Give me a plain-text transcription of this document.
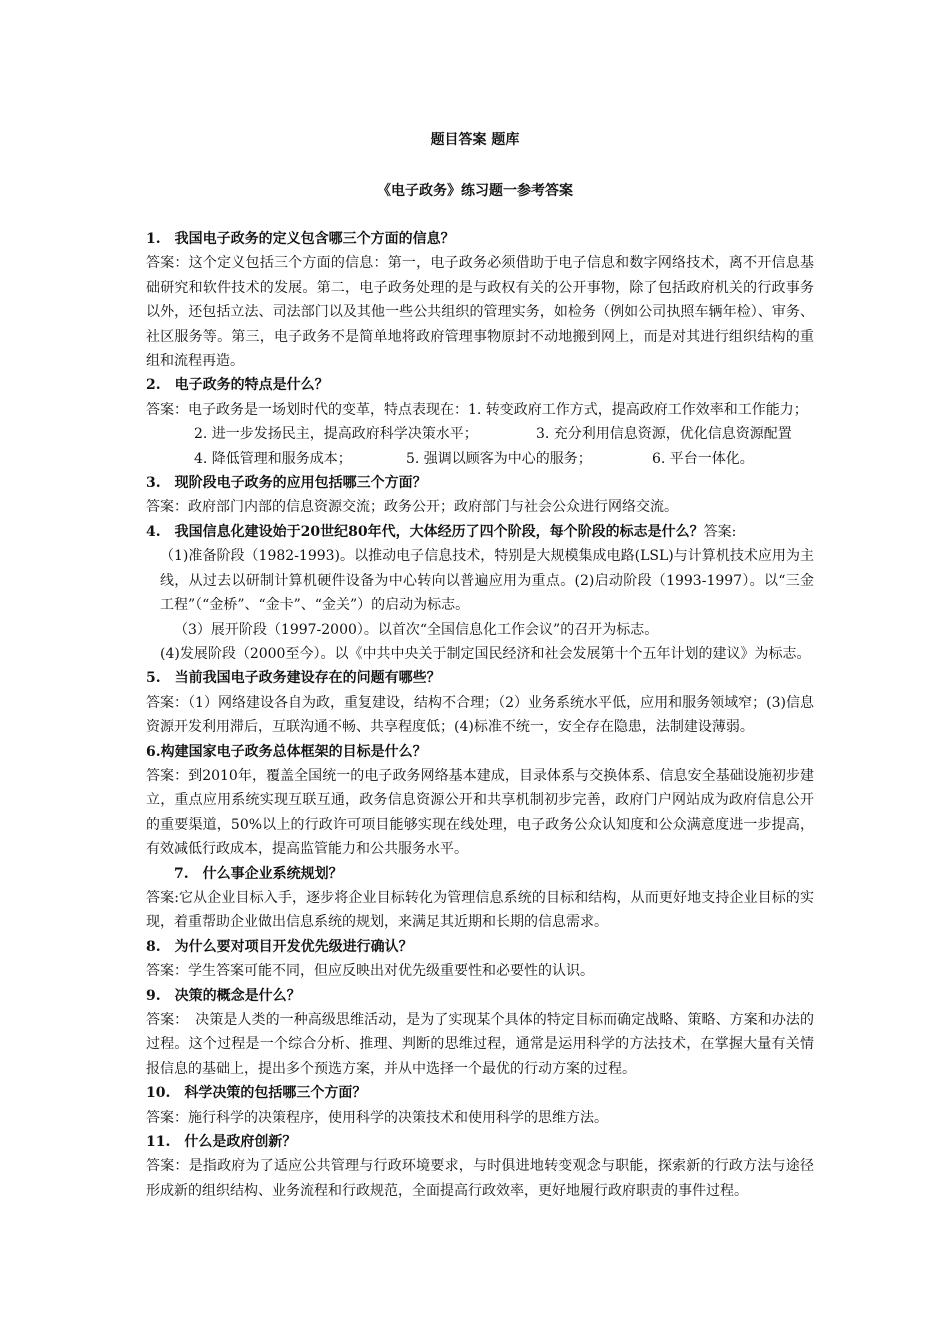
题目答案 题库
《电子政务》练习题一参考答案

1.　我国电子政务的定义包含哪三个方面的信息？

答案：这个定义包括三个方面的信息：第一，电子政务必须借助于电子信息和数字网络技术，离不开信息基础研究和软件技术的发展。第二，电子政务处理的是与政权有关的公开事物，除了包括政府机关的行政事务以外，还包括立法、司法部门以及其他一些公共组织的管理实务，如检务（例如公司执照车辆年检）、审务、社区服务等。第三，电子政务不是简单地将政府管理事物原封不动地搬到网上，而是对其进行组织结构的重组和流程再造。

2.　电子政务的特点是什么？

答案：电子政务是一场划时代的变革，特点表现在：1. 转变政府工作方式，提高政府工作效率和工作能力；

2. 进一步发扬民主，提高政府科学决策水平；	3. 充分利用信息资源，优化信息资源配置
4. 降低管理和服务成本；	5. 强调以顾客为中心的服务；	6. 平台一体化。

3.　现阶段电子政务的应用包括哪三个方面？

答案：政府部门内部的信息资源交流；政务公开；政府部门与社会公众进行网络交流。

4.　我国信息化建设始于20世纪80年代，大体经历了四个阶段，每个阶段的标志是什么？答案:

（1)准备阶段（1982-1993)。以推动电子信息技术，特别是大规模集成电路(LSL)与计算机技术应用为主线，从过去以研制计算机硬件设备为中心转向以普遍应用为重点。(2)启动阶段（1993-1997）。以“三金工程”（“金桥”、“金卡”、“金关”）的启动为标志。

（3）展开阶段（1997-2000）。以首次“全国信息化工作会议”的召开为标志。

(4)发展阶段（2000至今）。以《中共中央关于制定国民经济和社会发展第十个五年计划的建议》为标志。

5.　当前我国电子政务建设存在的问题有哪些？

答案：（1）网络建设各自为政，重复建设，结构不合理；（2）业务系统水平低，应用和服务领域窄；(3)信息资源开发利用滞后，互联沟通不畅、共享程度低；(4)标准不统一，安全存在隐患，法制建设薄弱。

6.构建国家电子政务总体框架的目标是什么？

答案：到2010年，覆盖全国统一的电子政务网络基本建成，目录体系与交换体系、信息安全基础设施初步建立，重点应用系统实现互联互通，政务信息资源公开和共享机制初步完善，政府门户网站成为政府信息公开的重要渠道，50%以上的行政许可项目能够实现在线处理，电子政务公众认知度和公众满意度进一步提高，有效减低行政成本，提高监管能力和公共服务水平。

7.　什么事企业系统规划？

答案:它从企业目标入手，逐步将企业目标转化为管理信息系统的目标和结构，从而更好地支持企业目标的实现，着重帮助企业做出信息系统的规划，来满足其近期和长期的信息需求。

8.　为什么要对项目开发优先级进行确认？

答案：学生答案可能不同，但应反映出对优先级重要性和必要性的认识。

9.　决策的概念是什么？

答案：　决策是人类的一种高级思维活动，是为了实现某个具体的特定目标而确定战略、策略、方案和办法的过程。这个过程是一个综合分析、推理、判断的思维过程，通常是运用科学的方法技术，在掌握大量有关情报信息的基础上，提出多个预选方案，并从中选择一个最优的行动方案的过程。

10.　科学决策的包括哪三个方面？

答案：施行科学的决策程序，使用科学的决策技术和使用科学的思维方法。

11.　什么是政府创新？

答案：是指政府为了适应公共管理与行政环境要求，与时俱进地转变观念与职能，探索新的行政方法与途径形成新的组织结构、业务流程和行政规范，全面提高行政效率，更好地履行政府职责的事件过程。
